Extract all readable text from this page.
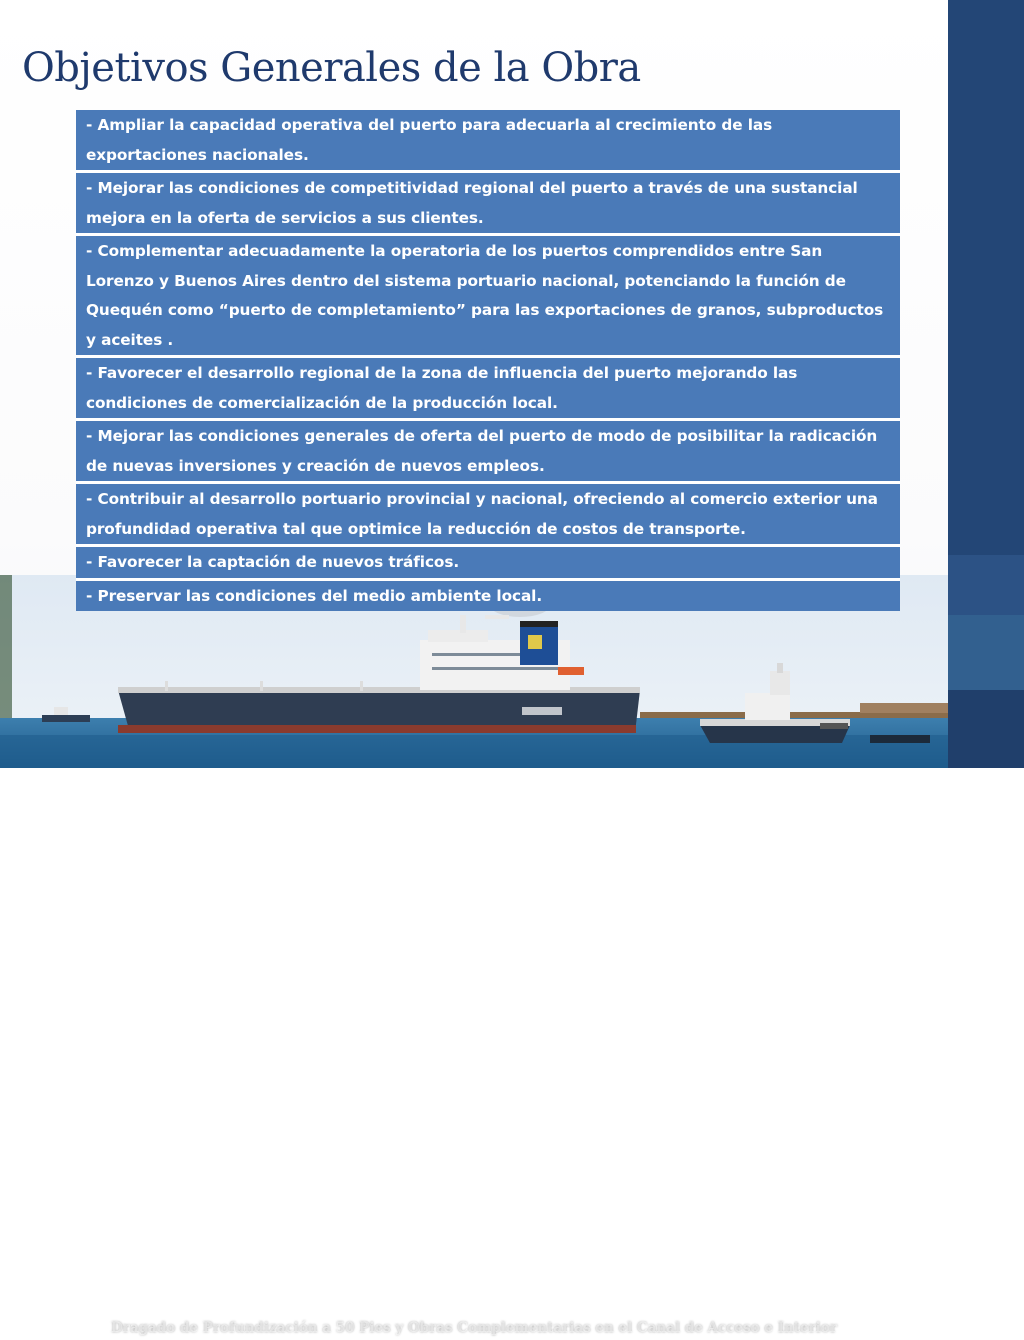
Objetivos Generales de la Obra
Dragado de Profundización a 50 Pies y Obras Complementarias en el Canal de Acceso e Interior
- Ampliar la capacidad operativa del puerto para adecuarla al crecimiento de las exportaciones nacionales.
- Mejorar las condiciones de competitividad regional del puerto a través de una sustancial mejora en la oferta de servicios a sus clientes.
- Complementar adecuadamente la operatoria de los puertos comprendidos entre San Lorenzo y Buenos Aires dentro del sistema portuario nacional, potenciando la función de Quequén como “puerto de completamiento” para las exportaciones de granos, subproductos y aceites .
- Favorecer el desarrollo regional de la zona de influencia del puerto mejorando las condiciones de comercialización de la producción local.
- Mejorar las condiciones generales de oferta del puerto de modo de posibilitar la radicación de nuevas inversiones y creación de nuevos empleos.
- Contribuir al desarrollo portuario provincial y nacional, ofreciendo al comercio exterior una profundidad operativa tal que optimice la reducción de costos de transporte.
- Favorecer la captación de nuevos tráficos.
- Preservar las condiciones del medio ambiente local.
